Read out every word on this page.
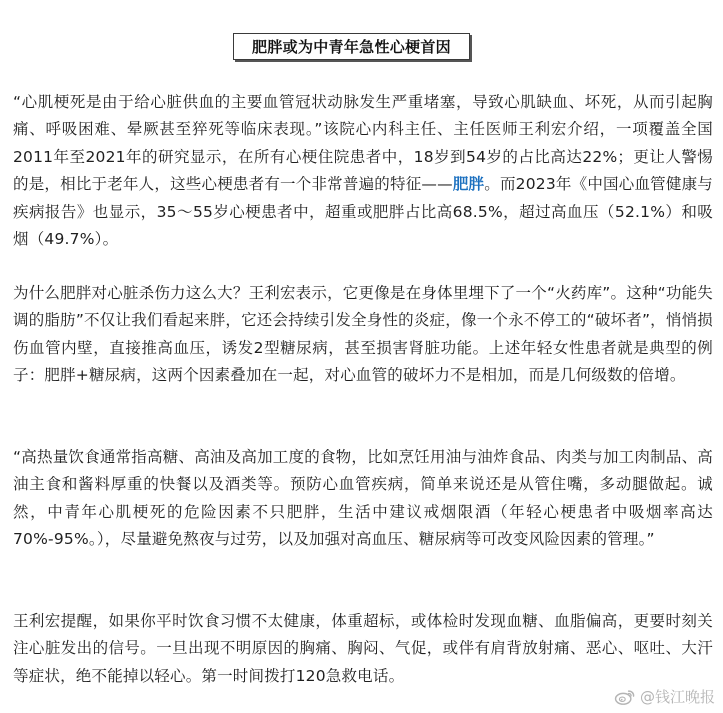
肥胖或为中青年急性心梗首因

“心肌梗死是由于给心脏供血的主要血管冠状动脉发生严重堵塞，导致心肌缺血、坏死，从而引起胸痛、呼吸困难、晕厥甚至猝死等临床表现。”该院心内科主任、主任医师王利宏介绍，一项覆盖全国2011年至2021年的研究显示，在所有心梗住院患者中，18岁到54岁的占比高达22%；更让人警惕的是，相比于老年人，这些心梗患者有一个非常普遍的特征——肥胖。而2023年《中国心血管健康与疾病报告》也显示，35～55岁心梗患者中，超重或肥胖占比高68.5%，超过高血压（52.1%）和吸烟（49.7%）。

为什么肥胖对心脏杀伤力这么大？王利宏表示，它更像是在身体里埋下了一个“火药库”。这种“功能失调的脂肪”不仅让我们看起来胖，它还会持续引发全身性的炎症，像一个永不停工的“破坏者”，悄悄损伤血管内壁，直接推高血压，诱发2型糖尿病，甚至损害肾脏功能。上述年轻女性患者就是典型的例子：肥胖+糖尿病，这两个因素叠加在一起，对心血管的破坏力不是相加，而是几何级数的倍增。

“高热量饮食通常指高糖、高油及高加工度的食物，比如烹饪用油与油炸食品、肉类与加工肉制品、高油主食和酱料厚重的快餐以及酒类等。预防心血管疾病，简单来说还是从管住嘴，多动腿做起。诚然，中青年心肌梗死的危险因素不只肥胖，生活中建议戒烟限酒（年轻心梗患者中吸烟率高达 70%-95%。），尽量避免熬夜与过劳，以及加强对高血压、糖尿病等可改变风险因素的管理。”

王利宏提醒，如果你平时饮食习惯不太健康，体重超标，或体检时发现血糖、血脂偏高，更要时刻关注心脏发出的信号。一旦出现不明原因的胸痛、胸闷、气促，或伴有肩背放射痛、恶心、呕吐、大汗等症状，绝不能掉以轻心。第一时间拨打120急救电话。

@钱江晚报
